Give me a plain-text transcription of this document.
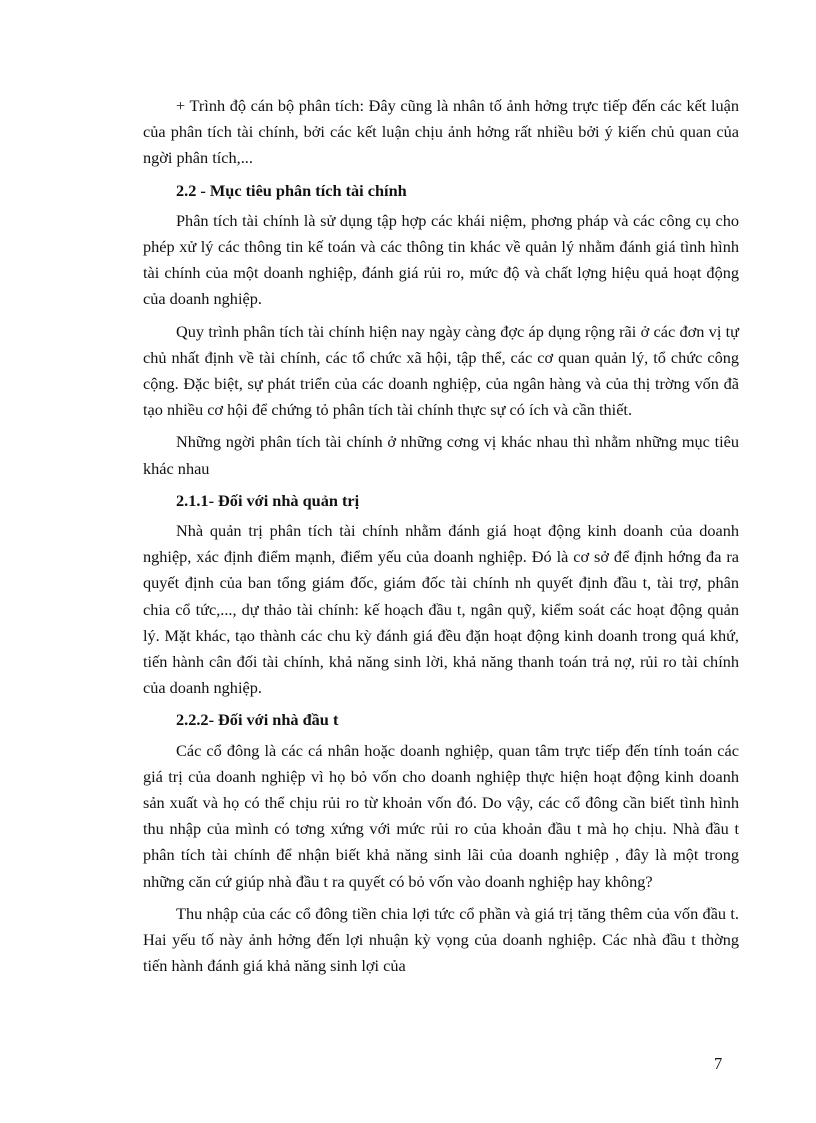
+ Trình độ cán bộ phân tích: Đây cũng là nhân tố ảnh hởng trực tiếp đến các kết luận của phân tích tài chính, bởi các kết luận chịu ảnh hởng rất nhiều bởi ý kiến chủ quan của ngời phân tích,...

2.2 - Mục tiêu phân tích tài chính

Phân tích tài chính là sử dụng tập hợp các khái niệm, phơng pháp và các công cụ cho phép xử lý các thông tin kế toán và các thông tin khác về quản lý nhằm đánh giá tình hình tài chính của một doanh nghiệp, đánh giá rủi ro, mức độ và chất lợng hiệu quả hoạt động của doanh nghiệp.

Quy trình phân tích tài chính hiện nay ngày càng đợc áp dụng rộng rãi ở các đơn vị tự chủ nhất định về tài chính, các tổ chức xã hội, tập thể, các cơ quan quản lý, tổ chức công cộng. Đặc biệt, sự phát triển của các doanh nghiệp, của ngân hàng và của thị trờng vốn đã tạo nhiều cơ hội để chứng tỏ phân tích tài chính thực sự có ích và cần thiết.

Những ngời phân tích tài chính ở những cơng vị khác nhau thì nhằm những mục tiêu khác nhau

2.1.1- Đối với nhà quản trị

Nhà quản trị phân tích tài chính nhằm đánh giá hoạt động kinh doanh của doanh nghiệp, xác định điểm mạnh, điểm yếu của doanh nghiệp. Đó là cơ sở để định hớng đa ra quyết định của ban tổng giám đốc, giám đốc tài chính nh quyết định đầu t, tài trợ, phân chia cổ tức,..., dự thảo tài chính: kế hoạch đầu t, ngân quỹ, kiểm soát các hoạt động quản lý. Mặt khác, tạo thành các chu kỳ đánh giá đều đặn hoạt động kinh doanh trong quá khứ, tiến hành cân đối tài chính, khả năng sinh lời, khả năng thanh toán trả nợ, rủi ro tài chính của doanh nghiệp.

2.2.2- Đối với nhà đầu t

Các cổ đông là các cá nhân hoặc doanh nghiệp, quan tâm trực tiếp đến tính toán các giá trị của doanh nghiệp vì họ bỏ vốn cho doanh nghiệp thực hiện hoạt động kinh doanh sản xuất và họ có thể chịu rủi ro từ khoản vốn đó. Do vậy, các cổ đông cần biết tình hình thu nhập của mình có tơng xứng với mức rủi ro của khoản đầu t mà họ chịu. Nhà đầu t phân tích tài chính để nhận biết khả năng sinh lãi của doanh nghiệp , đây là một trong những căn cứ giúp nhà đầu t ra quyết có bỏ vốn vào doanh nghiệp hay không?

Thu nhập của các cổ đông tiền chia lợi tức cổ phần và giá trị tăng thêm của vốn đầu t. Hai yếu tố này ảnh hởng đến lợi nhuận kỳ vọng của doanh nghiệp. Các nhà đầu t thờng tiến hành đánh giá khả năng sinh lợi của

7
